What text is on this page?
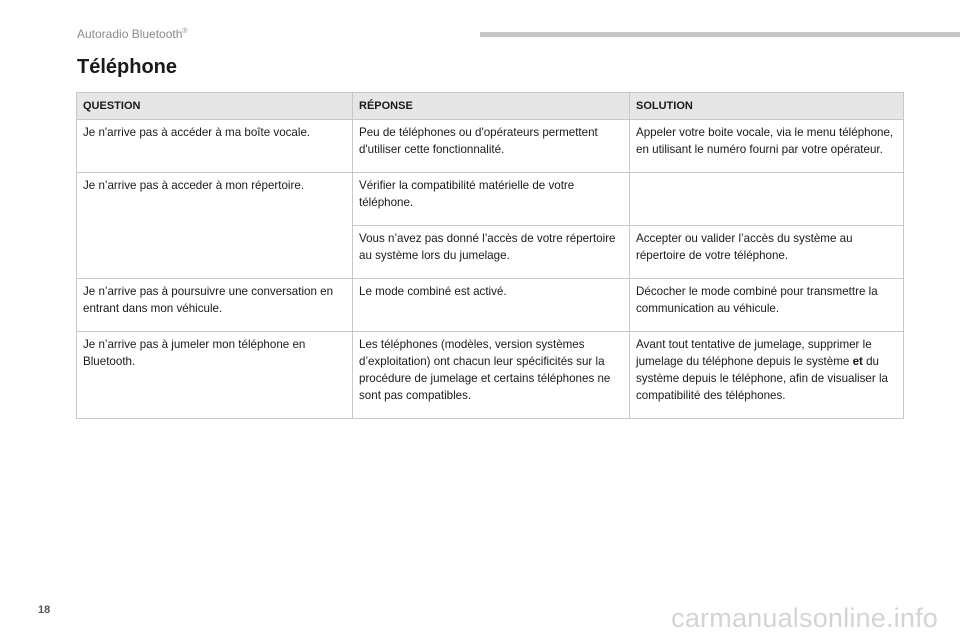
Autoradio Bluetooth®
Téléphone
QUESTION	RÉPONSE	SOLUTION
Je n'arrive pas à accéder à ma boîte vocale.	Peu de téléphones ou d'opérateurs permettent d'utiliser cette fonctionnalité.	Appeler votre boite vocale, via le menu téléphone, en utilisant le numéro fourni par votre opérateur.
Je n’arrive pas à acceder à mon répertoire.	Vérifier la compatibilité matérielle de votre téléphone.	
	Vous n’avez pas donné l’accès de votre répertoire au système lors du jumelage.	Accepter ou valider l’accès du système au répertoire de votre téléphone.
Je n’arrive pas à poursuivre une conversation en entrant dans mon véhicule.	Le mode combiné est activé.	Décocher le mode combiné pour transmettre la communication au véhicule.
Je n’arrive pas à jumeler mon téléphone en Bluetooth.	Les téléphones (modèles, version systèmes d’exploitation) ont chacun leur spécificités sur la procédure de jumelage et certains téléphones ne sont pas compatibles.	Avant tout tentative de jumelage, supprimer le jumelage du téléphone depuis le système et du système depuis le téléphone, afin de visualiser la compatibilité des téléphones.
18	carmanualsonline.info
